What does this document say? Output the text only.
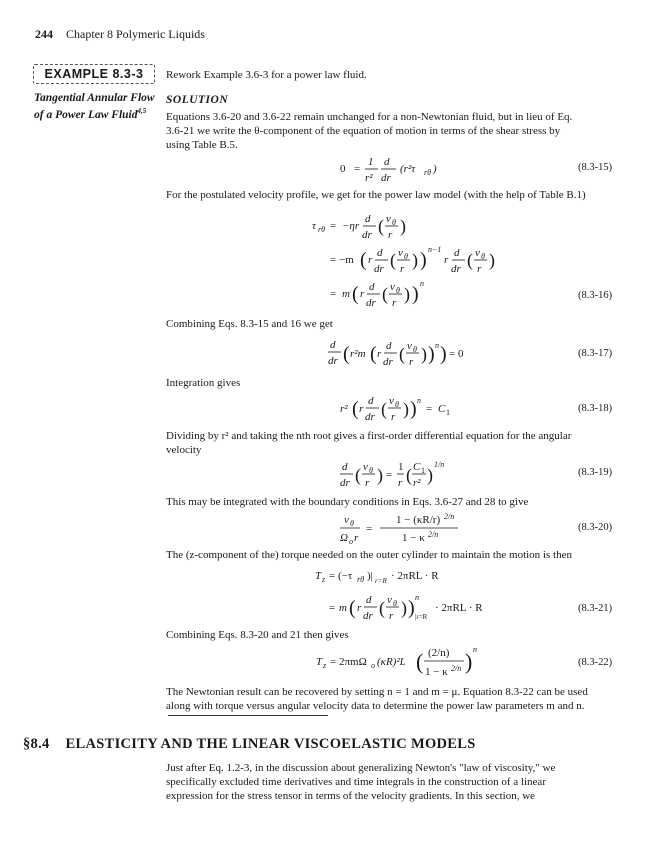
244 Chapter 8 Polymeric Liquids
EXAMPLE 8.3-3
Tangential Annular Flow of a Power Law Fluid$^{4,5}$
Rework Example 3.6-3 for a power law fluid.
SOLUTION
Equations 3.6-20 and 3.6-22 remain unchanged for a non-Newtonian fluid, but in lieu of Eq.
3.6-21 we write the θ-component of the equation of motion in terms of the shear stress by
using Table B.5.
0 =
1
r²
d
dr
(r²τ rθ )	(8.3-15)
For the postulated velocity profile, we get for the power law model (with the help of Table B.1)
τ rθ = −ηr
d
dr ( v θ
r )
= −m ( r
d
dr ( v θ
r ) ) n−1
r
d
dr ( v θ
r )
= m ( r
d
dr ( v θ
r ) ) n
(8.3-16)
Combining Eqs. 8.3-15 and 16 we get
d
dr ( r²m ( r
d
dr ( v θ
r ) ) n ) = 0	(8.3-17)
Integration gives
r² ( r
d
dr ( v θ
r ) ) n
= C 1	(8.3-18)
Dividing by r² and taking the nth root gives a first-order differential equation for the angular
velocity
d
dr ( v θ
r ) =
1
r ( C 1
r² )
1/n
(8.3-19)
This may be integrated with the boundary conditions in Eqs. 3.6-27 and 28 to give
v θ
Ω o r
=
1 − (κR/r) 2/n
1 − κ 2/n
(8.3-20)
The (z-component of the) torque needed on the outer cylinder to maintain the motion is then
T z = (−τ rθ )| r=R · 2πRL · R
= m ( r
d
dr ( v θ
r ) ) n
|r=R
· 2πRL · R	(8.3-21)
Combining Eqs. 8.3-20 and 21 then gives
T z = 2πmΩ o (κR)²L ( (2/n)
1 − κ 2/n ) n
(8.3-22)
The Newtonian result can be recovered by setting n = 1 and m = μ. Equation 8.3-22 can be used
along with torque versus angular velocity data to determine the power law parameters m and n.
§8.4 ELASTICITY AND THE LINEAR VISCOELASTIC MODELS
Just after Eq. 1.2-3, in the discussion about generalizing Newton's "law of viscosity," we
specifically excluded time derivatives and time integrals in the construction of a linear
expression for the stress tensor in terms of the velocity gradients. In this section, we
